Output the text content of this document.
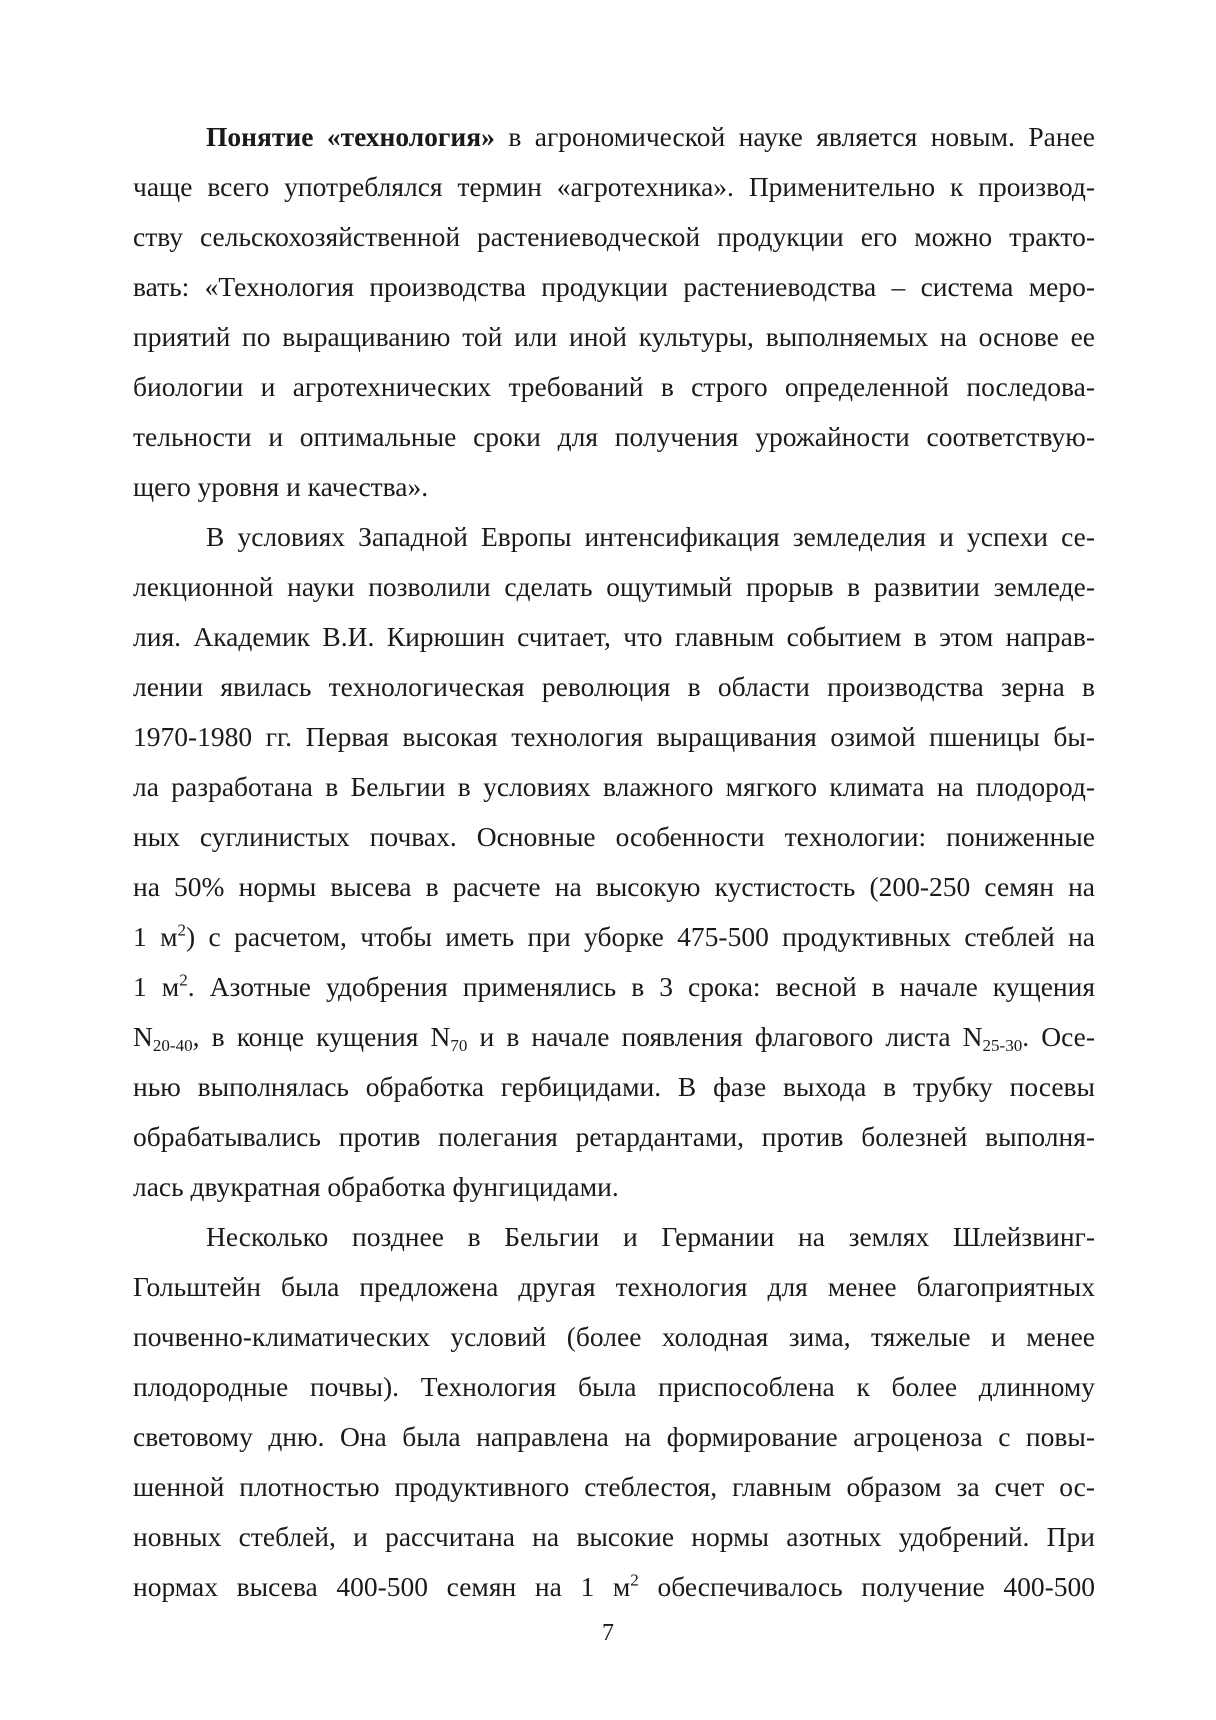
Понятие «технология» в агрономической науке является новым. Ранее
чаще всего употреблялся термин «агротехника». Применительно к производ-
ству сельскохозяйственной растениеводческой продукции его можно тракто-
вать: «Технология производства продукции растениеводства – система меро-
приятий по выращиванию той или иной культуры, выполняемых на основе ее
биологии и агротехнических требований в строго определенной последова-
тельности и оптимальные сроки для получения урожайности соответствую-
щего уровня и качества».
В условиях Западной Европы интенсификация земледелия и успехи се-
лекционной науки позволили сделать ощутимый прорыв в развитии земледе-
лия. Академик В.И. Кирюшин считает, что главным событием в этом направ-
лении явилась технологическая революция в области производства зерна в
1970-1980 гг. Первая высокая технология выращивания озимой пшеницы бы-
ла разработана в Бельгии в условиях влажного мягкого климата на плодород-
ных суглинистых почвах. Основные особенности технологии: пониженные
на 50% нормы высева в расчете на высокую кустистость (200-250 семян на
1 $м^2$) с расчетом, чтобы иметь при уборке 475-500 продуктивных стеблей на
1 $м^2$. Азотные удобрения применялись в 3 срока: весной в начале кущения
$N_{20-40}$, в конце кущения $N_{70}$ и в начале появления флагового листа $N_{25-30}$. Осе-
нью выполнялась обработка гербицидами. В фазе выхода в трубку посевы
обрабатывались против полегания ретардантами, против болезней выполня-
лась двукратная обработка фунгицидами.
Несколько позднее в Бельгии и Германии на землях Шлейзвинг-
Гольштейн была предложена другая технология для менее благоприятных
почвенно-климатических условий (более холодная зима, тяжелые и менее
плодородные почвы). Технология была приспособлена к более длинному
световому дню. Она была направлена на формирование агроценоза с повы-
шенной плотностью продуктивного стеблестоя, главным образом за счет ос-
новных стеблей, и рассчитана на высокие нормы азотных удобрений. При
нормах высева 400-500 семян на 1 $м^2$ обеспечивалось получение 400-500
7
